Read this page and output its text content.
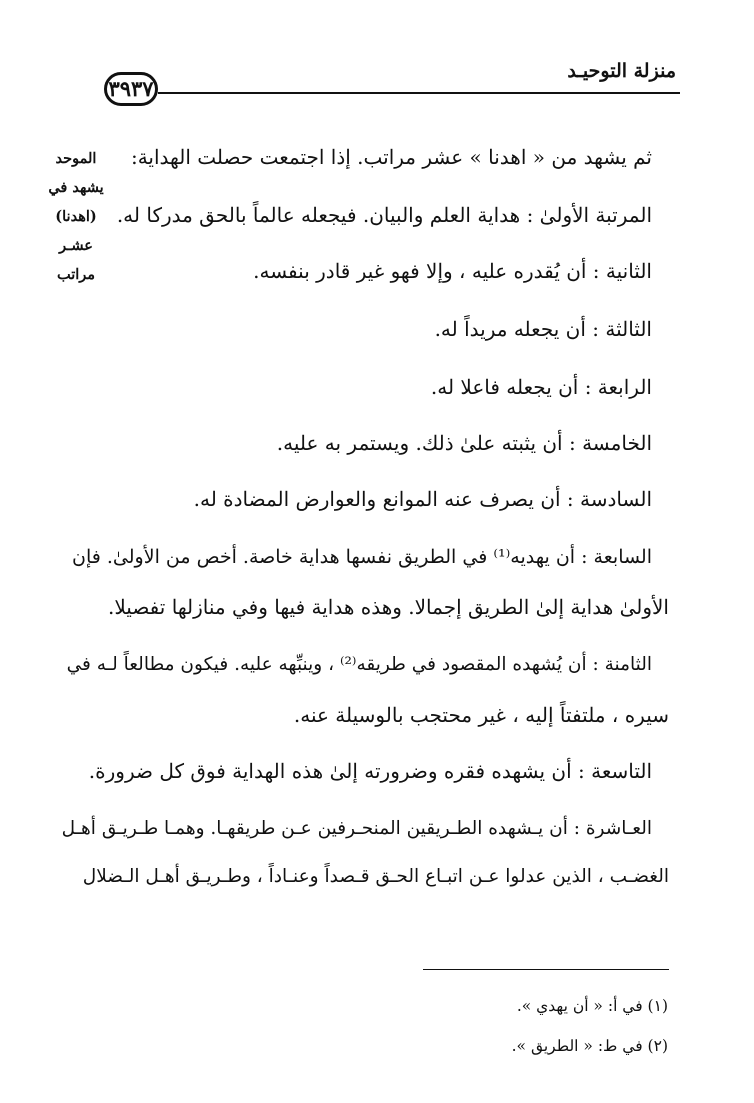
منزلة التوحيـد
٣٩٣٧
الموحد
يشهد في
(اهدنا)
عشـر
مراتب
ثم يشهد من « اهدنا » عشر مراتب. إذا اجتمعت حصلت الهداية:
المرتبة الأولىٰ : هداية العلم والبيان. فيجعله عالماً بالحق مدركا له.
الثانية : أن يُقدره عليه ، وإلا فهو غير قادر بنفسه.
الثالثة : أن يجعله مريداً له.
الرابعة : أن يجعله فاعلا له.
الخامسة : أن يثبته علىٰ ذلك. ويستمر به عليه.
السادسة : أن يصرف عنه الموانع والعوارض المضادة له.
السابعة : أن يهديه⁽¹⁾ في الطريق نفسها هداية خاصة. أخص من الأولىٰ. فإن
الأولىٰ هداية إلىٰ الطريق إجمالا. وهذه هداية فيها وفي منازلها تفصيلا.
الثامنة : أن يُشهده المقصود في طريقه⁽²⁾ ، وينبِّهه عليه. فيكون مطالعاً لـه في
سيره ، ملتفتاً إليه ، غير محتجب بالوسيلة عنه.
التاسعة : أن يشهده فقره وضرورته إلىٰ هذه الهداية فوق كل ضرورة.
العـاشرة : أن يـشهده الطـريقين المنحـرفين عـن طريقهـا. وهمـا طـريـق أهـل
الغضـب ، الذين عدلوا عـن اتبـاع الحـق قـصداً وعنـاداً ، وطـريـق أهـل الـضلال
(١) في أ: « أن يهدي ».
(٢) في ط: « الطريق ».
